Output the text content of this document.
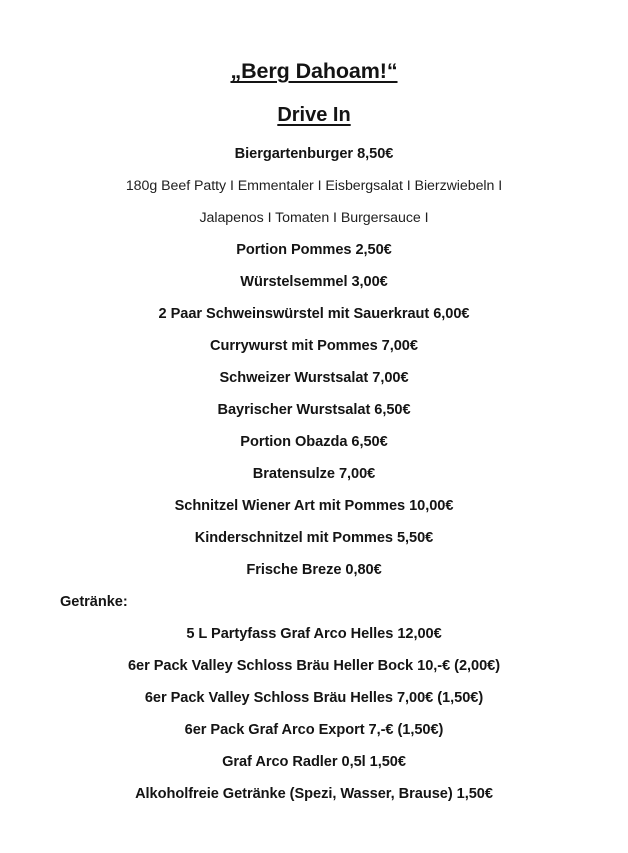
„Berg Dahoam!“
Drive In
Biergartenburger 8,50€
180g Beef Patty I Emmentaler I Eisbergsalat I Bierzwiebeln I
Jalapenos I Tomaten I Burgersauce I
Portion Pommes 2,50€
Würstelsemmel 3,00€
2 Paar Schweinswürstel mit Sauerkraut 6,00€
Currywurst mit Pommes 7,00€
Schweizer Wurstsalat 7,00€
Bayrischer Wurstsalat 6,50€
Portion Obazda 6,50€
Bratensulze 7,00€
Schnitzel Wiener Art mit Pommes 10,00€
Kinderschnitzel mit Pommes 5,50€
Frische Breze 0,80€
Getränke:
5 L Partyfass Graf Arco Helles 12,00€
6er Pack Valley Schloss Bräu Heller Bock 10,-€ (2,00€)
6er Pack Valley Schloss Bräu Helles 7,00€ (1,50€)
6er Pack Graf Arco Export 7,-€ (1,50€)
Graf Arco Radler 0,5l 1,50€
Alkoholfreie Getränke (Spezi, Wasser, Brause) 1,50€
